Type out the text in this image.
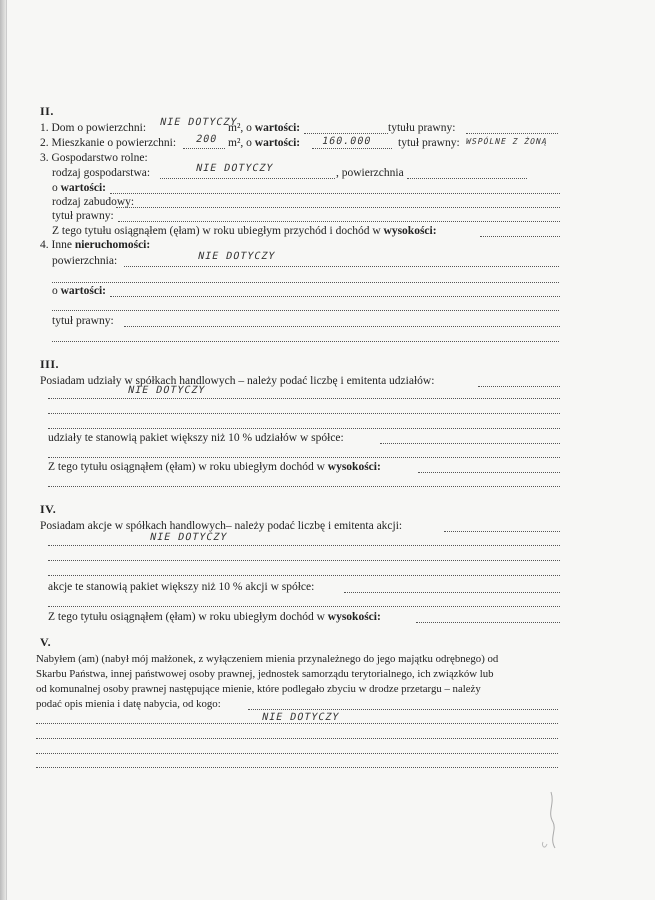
II.
1. Dom o powierzchni: NIE DOTYCZY
m², o wartości:	tytułu prawny:
2. Mieszkanie o powierzchni: 200 m², o wartości: 160.000 tytuł prawny: WSPÓLNE Z ŻONĄ
3. Gospodarstwo rolne:
rodzaj gospodarstwa:	NIE DOTYCZY	, powierzchnia
o wartości:
rodzaj zabudowy:
tytuł prawny:
Z tego tytułu osiągnąłem (ęłam) w roku ubiegłym przychód i dochód w wysokości:
4. Inne nieruchomości:
powierzchnia:	NIE DOTYCZY
o wartości:
tytuł prawny:
III.
Posiadam udziały w spółkach handlowych – należy podać liczbę i emitenta udziałów:
NIE DOTYCZY
udziały te stanowią pakiet większy niż 10 % udziałów w spółce:
Z tego tytułu osiągnąłem (ęłam) w roku ubiegłym dochód w wysokości:
IV.
Posiadam akcje w spółkach handlowych– należy podać liczbę i emitenta akcji:
NIE DOTYCZY
akcje te stanowią pakiet większy niż 10 % akcji w spółce:
Z tego tytułu osiągnąłem (ęłam) w roku ubiegłym dochód w wysokości:
V.
Nabyłem (am) (nabył mój małżonek, z wyłączeniem mienia przynależnego do jego majątku odrębnego) od
Skarbu Państwa, innej państwowej osoby prawnej, jednostek samorządu terytorialnego, ich związków lub
od komunalnej osoby prawnej następujące mienie, które podlegało zbyciu w drodze przetargu – należy
podać opis mienia i datę nabycia, od kogo:
NIE DOTYCZY
